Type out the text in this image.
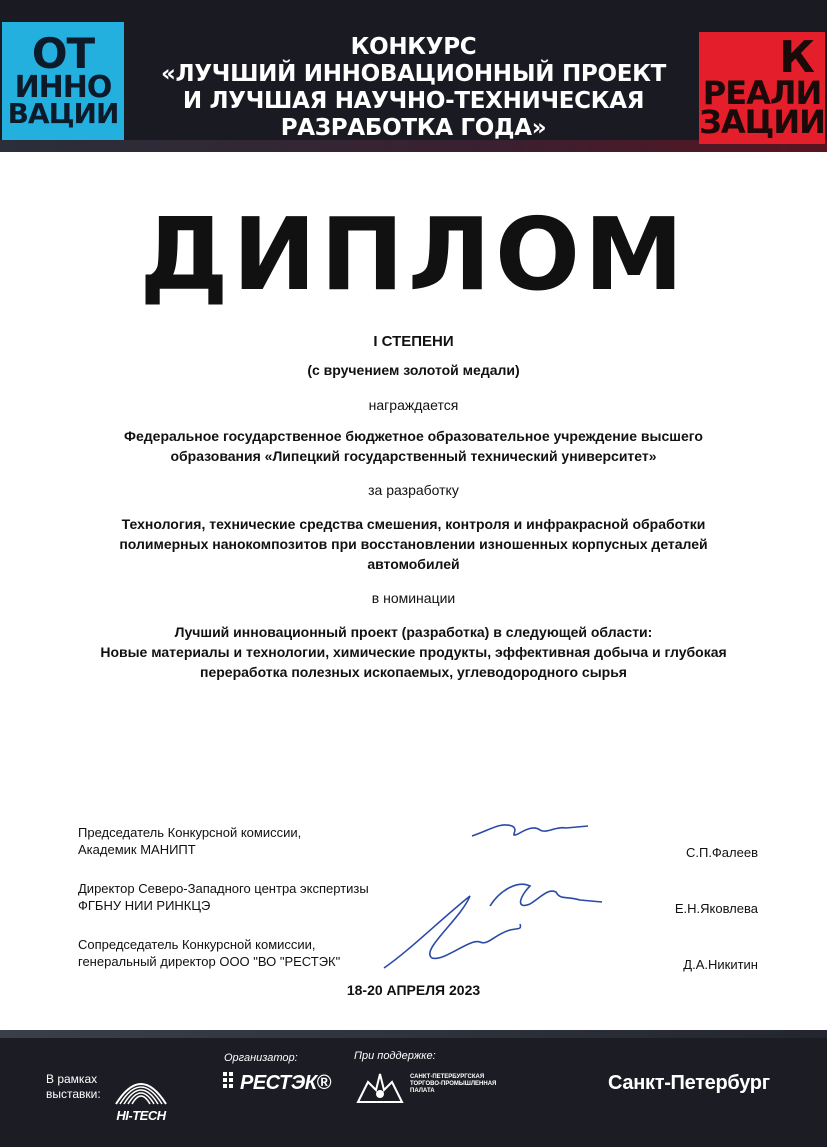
ОТ
ИННО
ВАЦИИ
КОНКУРС
«ЛУЧШИЙ ИННОВАЦИОННЫЙ ПРОЕКТ
И ЛУЧШАЯ НАУЧНО-ТЕХНИЧЕСКАЯ
РАЗРАБОТКА ГОДА»
К
РЕАЛИ
ЗАЦИИ
ДИПЛОМ
I СТЕПЕНИ
(с вручением золотой медали)
награждается
Федеральное государственное бюджетное образовательное учреждение высшего
образования «Липецкий государственный технический университет»
за разработку
Технология, технические средства смешения, контроля и инфракрасной обработки
полимерных нанокомпозитов при восстановлении изношенных корпусных деталей
автомобилей
в номинации
Лучший инновационный проект (разработка) в следующей области:
Новые материалы и технологии, химические продукты, эффективная добыча и глубокая
переработка полезных ископаемых, углеводородного сырья
Председатель Конкурсной комиссии,
Академик МАНИПТ	С.П.Фалеев
Директор Северо-Западного центра экспертизы
ФГБНУ НИИ РИНКЦЭ	Е.Н.Яковлева
Сопредседатель Конкурсной комиссии,
генеральный директор ООО "ВО "РЕСТЭК"	Д.А.Никитин
18-20 АПРЕЛЯ 2023
В рамках
выставки:
HI-TECH
Организатор:
РЕСТЭК®
При поддержке:
САНКТ-ПЕТЕРБУРГСКАЯ
ТОРГОВО-ПРОМЫШЛЕННАЯ
ПАЛАТА	Санкт-Петербург
